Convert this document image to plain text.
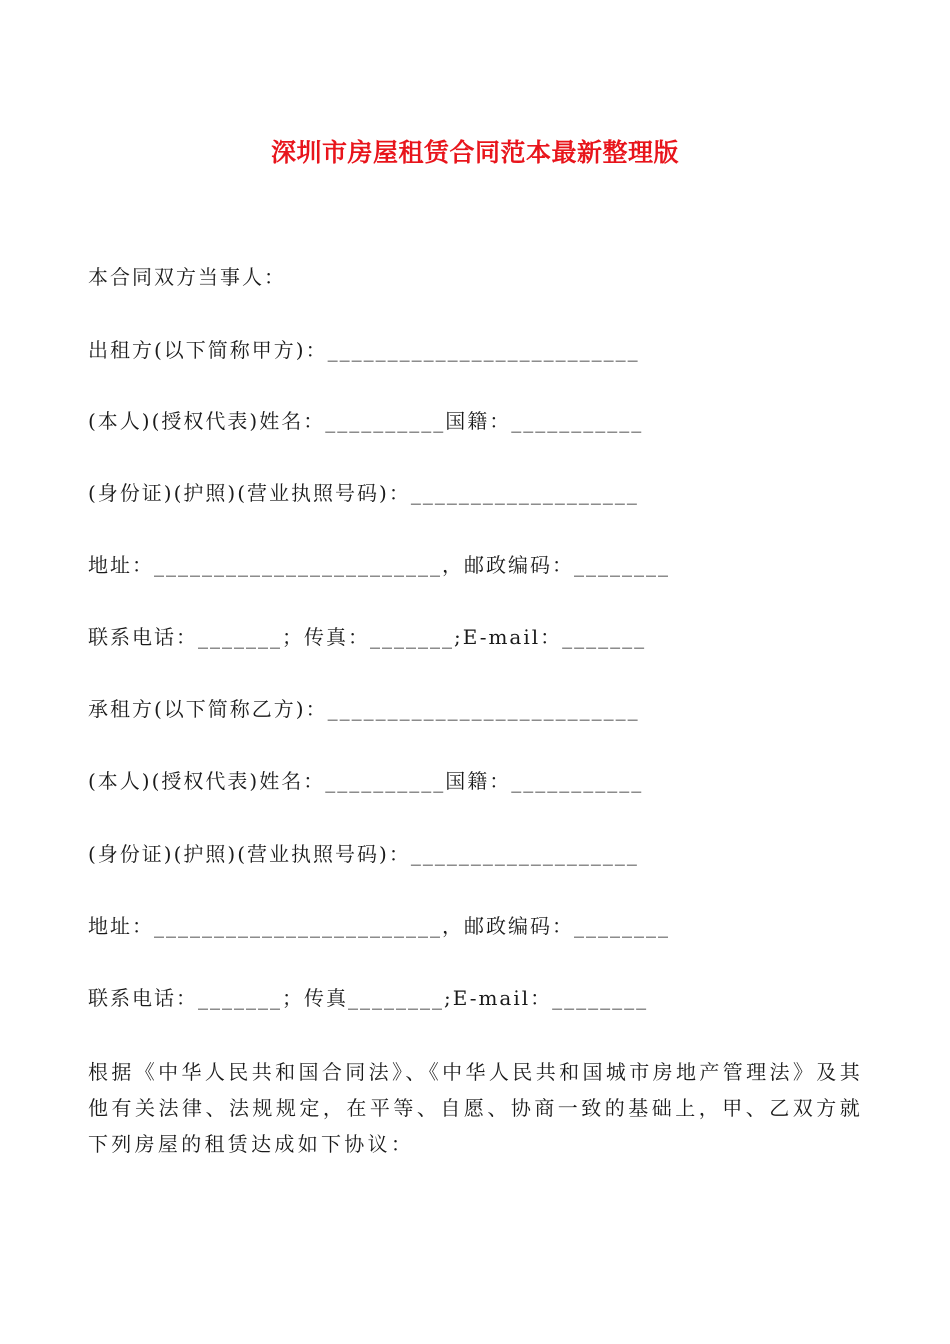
深圳市房屋租赁合同范本最新整理版
本合同双方当事人：
出租方(以下简称甲方)：__________________________
(本人)(授权代表)姓名：__________国籍：___________
(身份证)(护照)(营业执照号码)：___________________
地址：________________________，邮政编码：________
联系电话：_______；传真：_______;E-mail：_______
承租方(以下简称乙方)：__________________________
(本人)(授权代表)姓名：__________国籍：___________
(身份证)(护照)(营业执照号码)：___________________
地址：________________________，邮政编码：________
联系电话：_______；传真________;E-mail：________
根据《中华人民共和国合同法》、《中华人民共和国城市房地产管理法》及其他有关法律、法规规定，在平等、自愿、协商一致的基础上，甲、乙双方就下列房屋的租赁达成如下协议：
